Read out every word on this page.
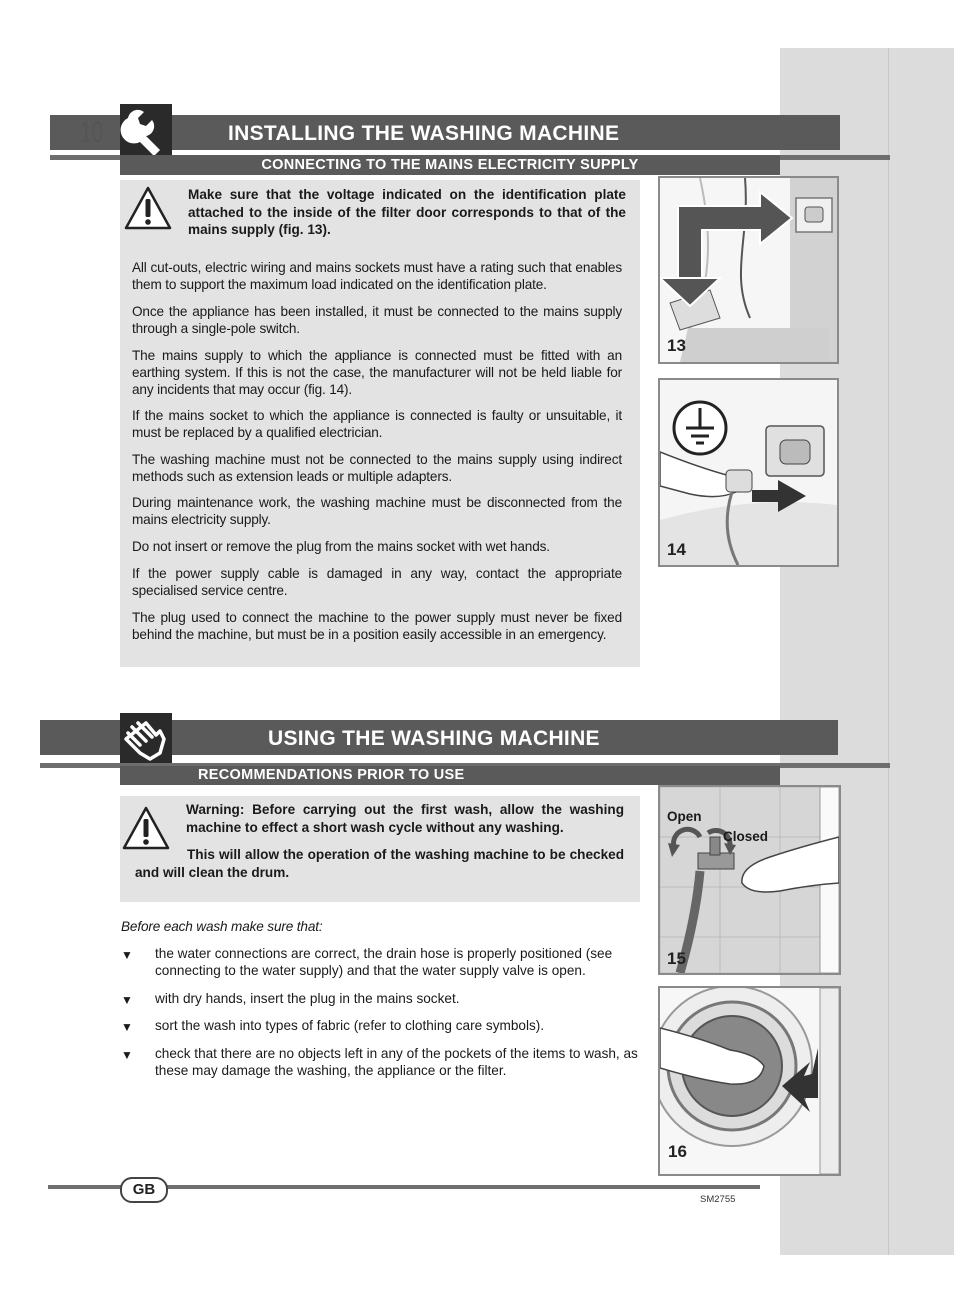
INSTALLING THE WASHING MACHINE
10
CONNECTING TO THE MAINS ELECTRICITY SUPPLY
Make sure that the voltage indicated on the identification plate attached to the inside of the filter door corresponds to that of the mains supply (fig. 13).
All cut-outs, electric wiring and mains sockets must have a rating such that enables them to support the maximum load indicated on the identification plate.
Once the appliance has been installed, it must be connected to the mains supply through a single-pole switch.
The mains supply to which the appliance is connected must be fitted with an earthing system. If this is not the case, the manufacturer will not be held liable for any incidents that may occur (fig. 14).
If the mains socket to which the appliance is connected is faulty or unsuitable, it must be replaced by a qualified electrician.
The washing machine must not be connected to the mains supply using indirect methods such as extension leads or multiple adapters.
During maintenance work, the washing machine must be disconnected from the mains electricity supply.
Do not insert or remove the plug from the mains socket with wet hands.
If the power supply cable is damaged in any way, contact the appropriate specialised service centre.
The plug used to connect the machine to the power supply must never be fixed behind the machine, but must be in a position easily accessible in an emergency.
13
14
USING THE WASHING MACHINE
RECOMMENDATIONS PRIOR TO USE
Warning: Before carrying out the first wash, allow the washing machine to effect a short wash cycle without any washing.
This will allow the operation of the washing machine to be checked and will clean the drum.
Before each wash make sure that:
▼ the water connections are correct, the drain hose is properly positioned (see connecting to the water supply) and that the water supply valve is open.
▼ with dry hands, insert the plug in the mains socket.
▼ sort the wash into types of fabric (refer to clothing care symbols).
▼ check that there are no objects left in any of the pockets of the items to wash, as these may damage the washing, the appliance or the filter.
Open
Closed
15
16
GB
SM2755
